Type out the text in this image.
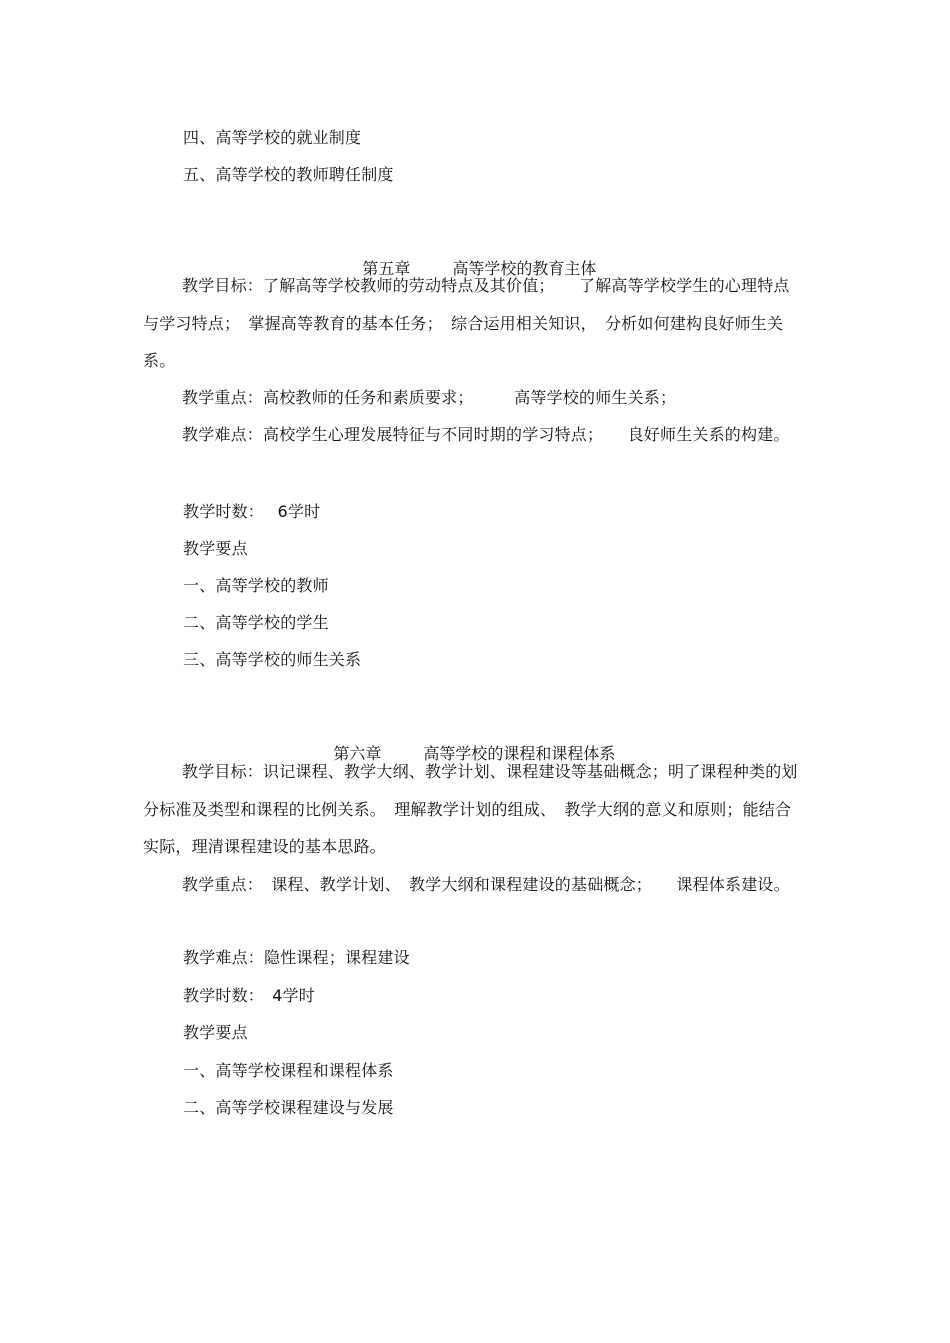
四、高等学校的就业制度
五、高等学校的教师聘任制度

第五章	高等学校的教育主体

教学目标：了解高等学校教师的劳动特点及其价值；　　了解高等学校学生的心理特点与学习特点；　掌握高等教育的基本任务；　综合运用相关知识，　分析如何建构良好师生关系。

教学重点：高校教师的任务和素质要求；　　　高等学校的师生关系；

教学难点：高校学生心理发展特征与不同时期的学习特点；　　良好师生关系的构建。

教学时数：　 6学时
教学要点
一、高等学校的教师
二、高等学校的学生
三、高等学校的师生关系

第六章	高等学校的课程和课程体系

教学目标：识记课程、教学大纲、教学计划、课程建设等基础概念；明了课程种类的划分标准及类型和课程的比例关系。　理解教学计划的组成、　教学大纲的意义和原则；能结合实际，理清课程建设的基本思路。

教学重点：　课程、教学计划、　教学大纲和课程建设的基础概念；　　课程体系建设。

教学难点：隐性课程；课程建设
教学时数：　4学时
教学要点
一、高等学校课程和课程体系
二、高等学校课程建设与发展
